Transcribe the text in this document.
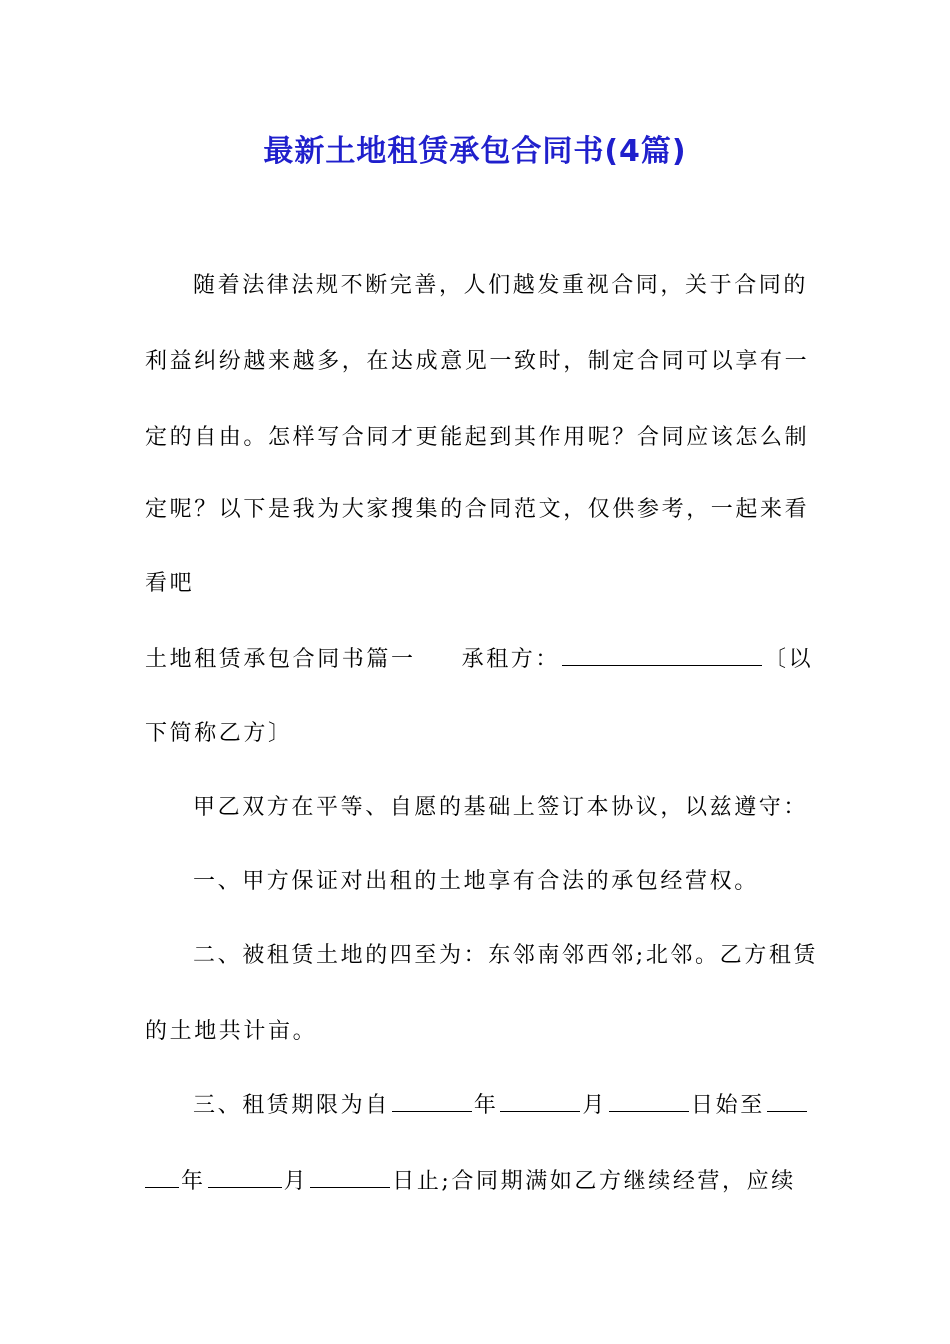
最新土地租赁承包合同书(4篇)
随着法律法规不断完善，人们越发重视合同，关于合同的
利益纠纷越来越多，在达成意见一致时，制定合同可以享有一
定的自由。怎样写合同才更能起到其作用呢？合同应该怎么制
定呢？以下是我为大家搜集的合同范文，仅供参考，一起来看
看吧
土地租赁承包合同书篇一 承租方：	〔以
下简称乙方〕
甲乙双方在平等、自愿的基础上签订本协议，以兹遵守：
一、甲方保证对出租的土地享有合法的承包经营权。
二、被租赁土地的四至为：东邻南邻西邻;北邻。乙方租赁
的土地共计亩。
三、租赁期限为自	年	月	日始至
年	月	日止;合同期满如乙方继续经营，应续
